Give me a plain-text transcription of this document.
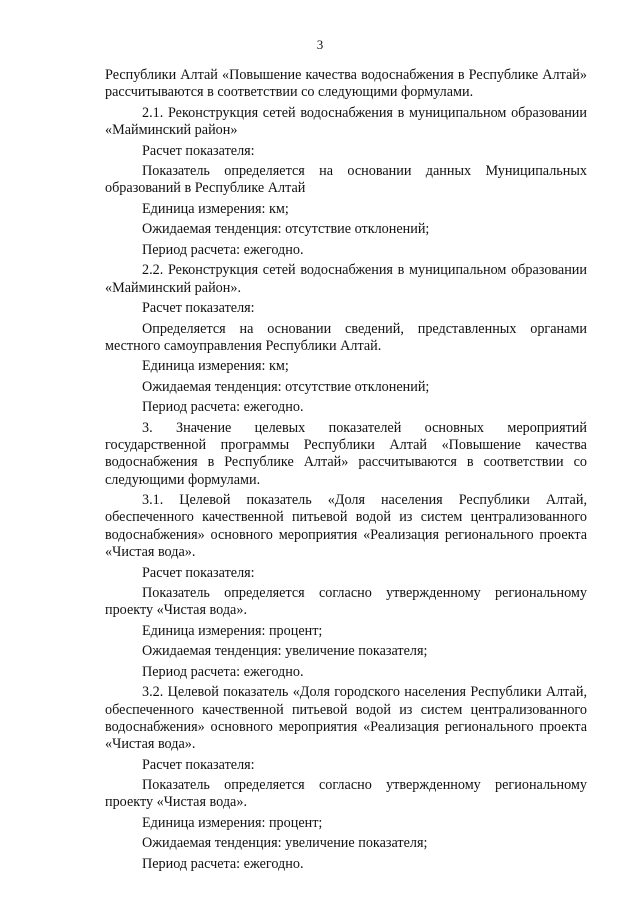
3

Республики Алтай «Повышение качества водоснабжения в Республике Алтай» рассчитываются в соответствии со следующими формулами.

2.1. Реконструкция сетей водоснабжения в муниципальном образовании «Майминский район»

Расчет показателя:

Показатель определяется на основании данных Муниципальных образований в Республике Алтай

Единица измерения: км;

Ожидаемая тенденция: отсутствие отклонений;

Период расчета: ежегодно.

2.2. Реконструкция сетей водоснабжения в муниципальном образовании «Майминский район».

Расчет показателя:

Определяется на основании сведений, представленных органами местного самоуправления Республики Алтай.

Единица измерения: км;

Ожидаемая тенденция: отсутствие отклонений;

Период расчета: ежегодно.

3. Значение целевых показателей основных мероприятий государственной программы Республики Алтай «Повышение качества водоснабжения в Республике Алтай» рассчитываются в соответствии со следующими формулами.

3.1. Целевой показатель «Доля населения Республики Алтай, обеспеченного качественной питьевой водой из систем централизованного водоснабжения» основного мероприятия «Реализация регионального проекта «Чистая вода».

Расчет показателя:

Показатель определяется согласно утвержденному региональному проекту «Чистая вода».

Единица измерения: процент;

Ожидаемая тенденция: увеличение показателя;

Период расчета: ежегодно.

3.2. Целевой показатель «Доля городского населения Республики Алтай, обеспеченного качественной питьевой водой из систем централизованного водоснабжения» основного мероприятия «Реализация регионального проекта «Чистая вода».

Расчет показателя:

Показатель определяется согласно утвержденному региональному проекту «Чистая вода».

Единица измерения: процент;

Ожидаемая тенденция: увеличение показателя;

Период расчета: ежегодно.
